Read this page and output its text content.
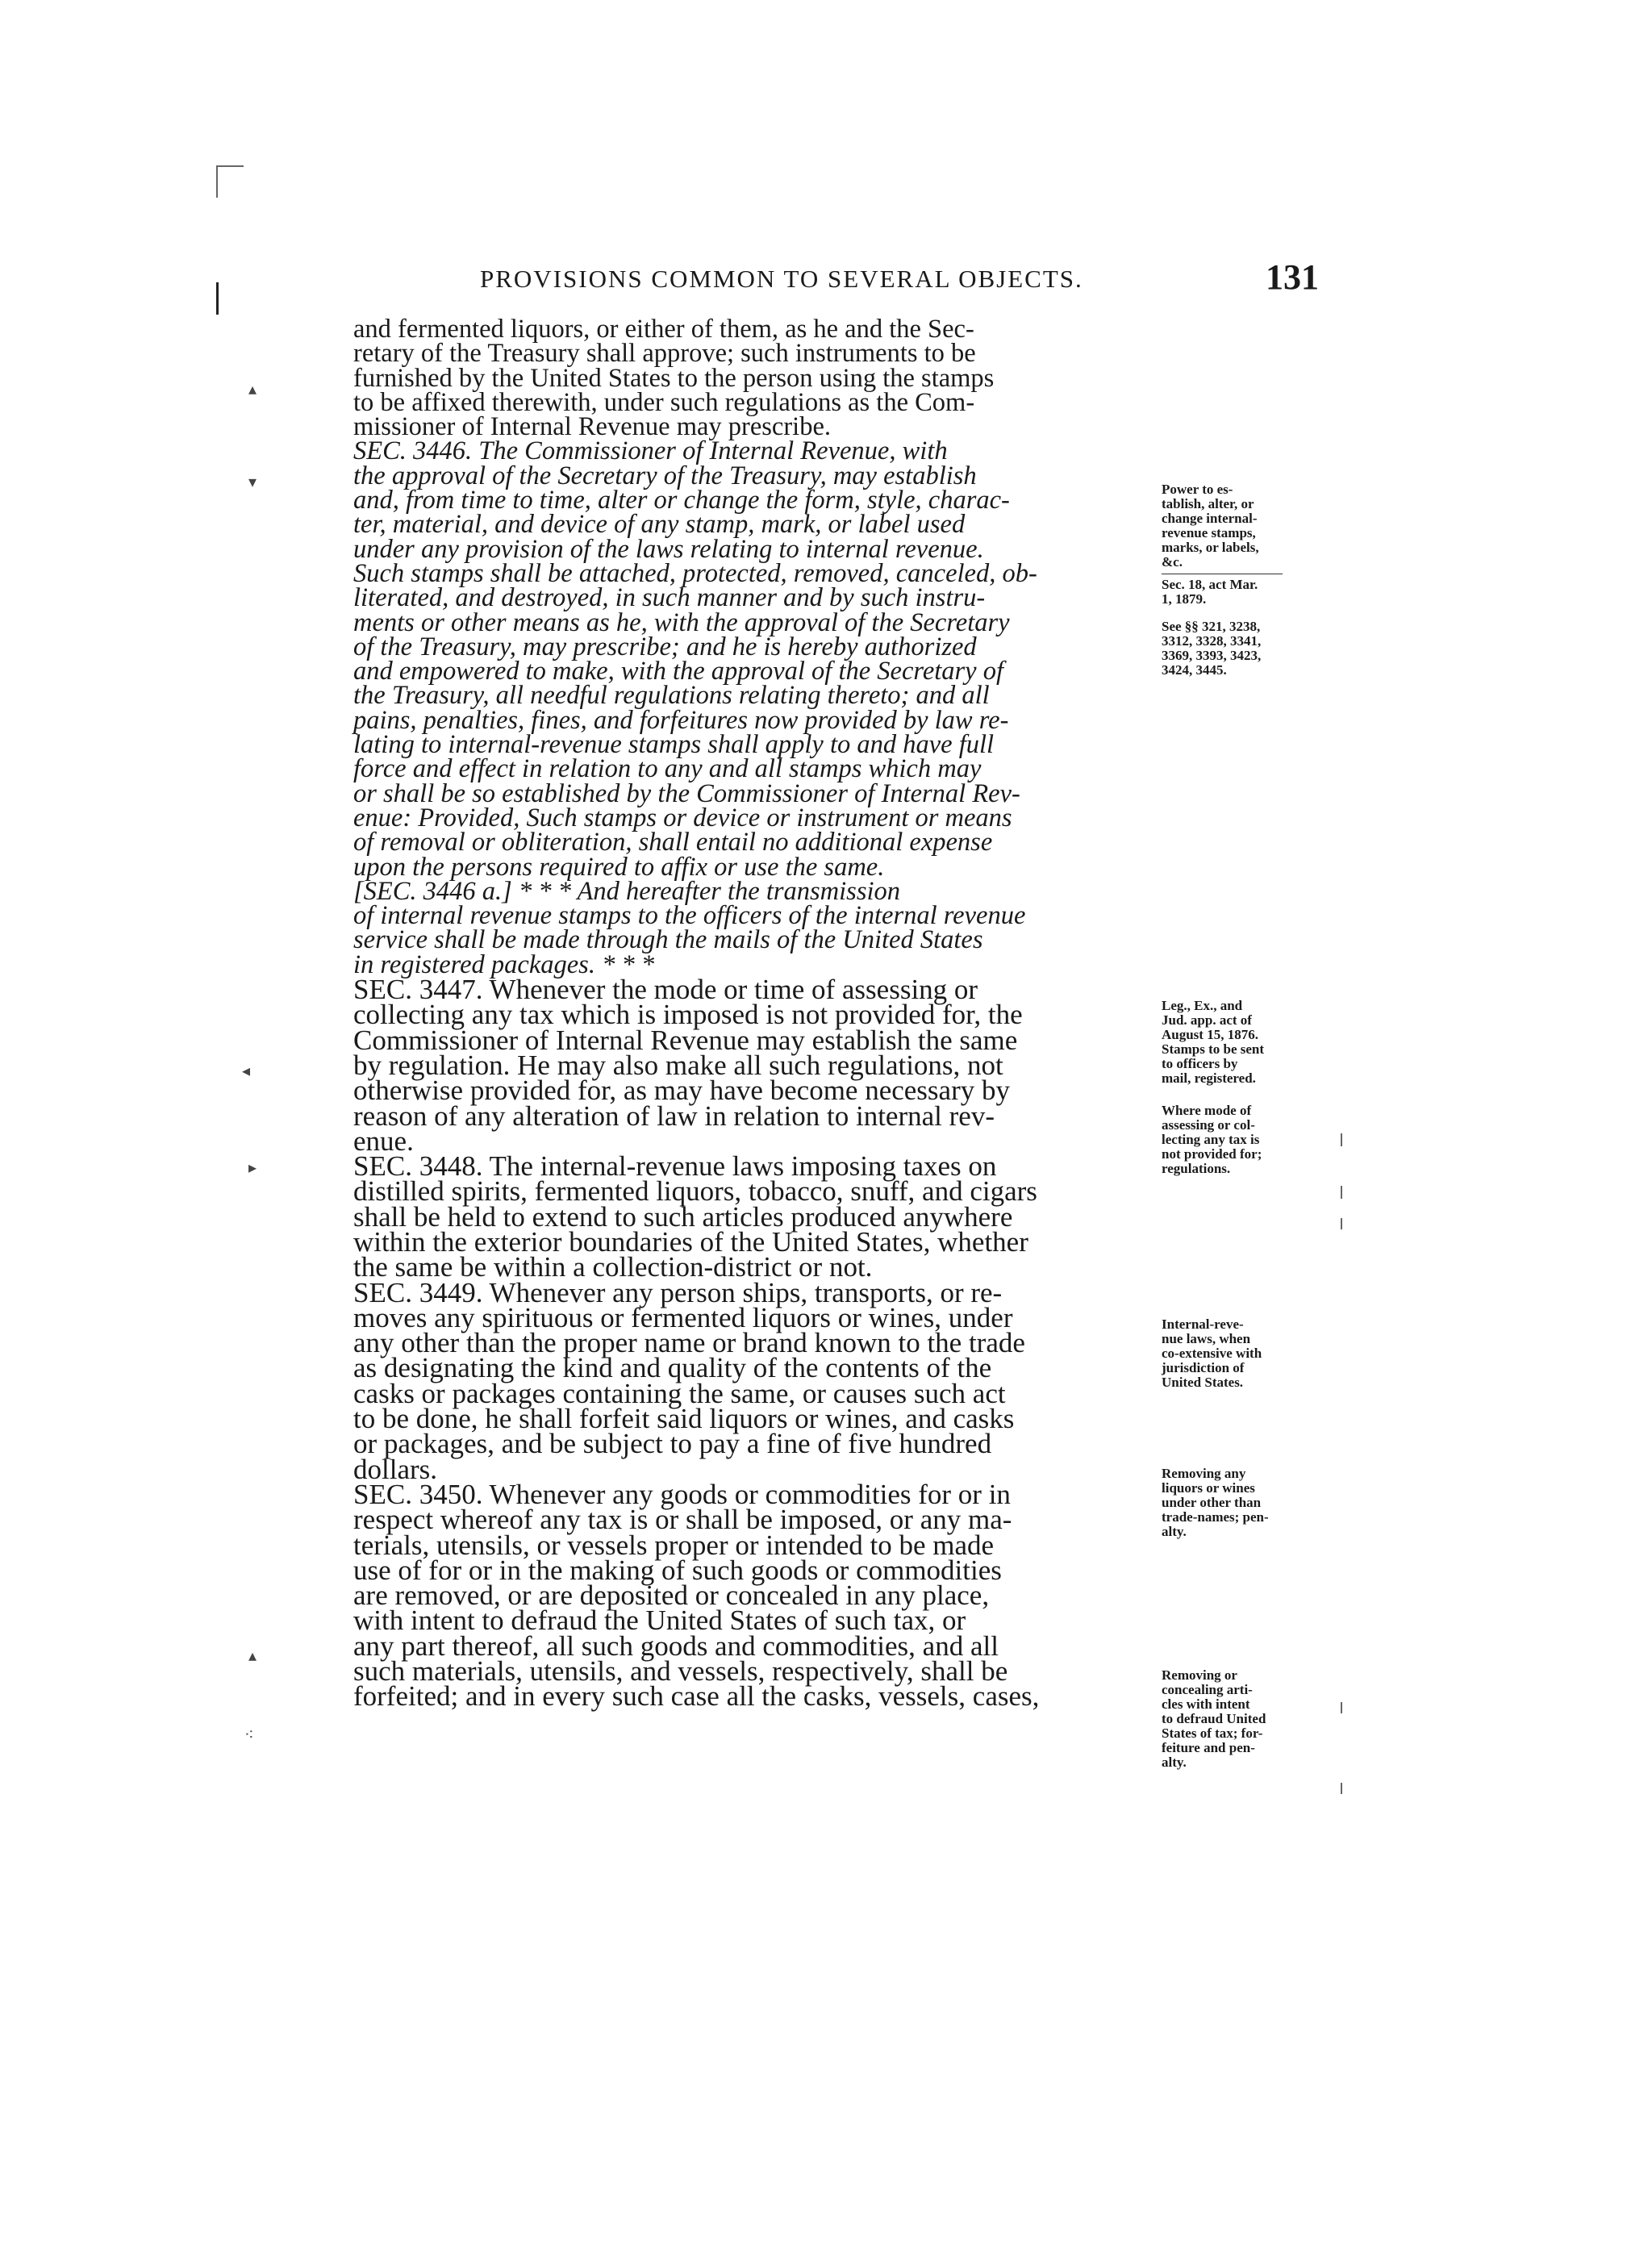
PROVISIONS COMMON TO SEVERAL OBJECTS.	131
and fermented liquors, or either of them, as he and the Sec-
retary of the Treasury shall approve; such instruments to be
furnished by the United States to the person using the stamps
to be affixed therewith, under such regulations as the Com-
missioner of Internal Revenue may prescribe.
SEC. 3446. The Commissioner of Internal Revenue, with
the approval of the Secretary of the Treasury, may establish
and, from time to time, alter or change the form, style, charac-
ter, material, and device of any stamp, mark, or label used
under any provision of the laws relating to internal revenue.
Such stamps shall be attached, protected, removed, canceled, ob-
literated, and destroyed, in such manner and by such instru-
ments or other means as he, with the approval of the Secretary
of the Treasury, may prescribe; and he is hereby authorized
and empowered to make, with the approval of the Secretary of
the Treasury, all needful regulations relating thereto; and all
pains, penalties, fines, and forfeitures now provided by law re-
lating to internal-revenue stamps shall apply to and have full
force and effect in relation to any and all stamps which may
or shall be so established by the Commissioner of Internal Rev-
enue: Provided, Such stamps or device or instrument or means
of removal or obliteration, shall entail no additional expense
upon the persons required to affix or use the same.
[SEC. 3446 a.] * * * And hereafter the transmission
of internal revenue stamps to the officers of the internal revenue
service shall be made through the mails of the United States
in registered packages. * * *
SEC. 3447. Whenever the mode or time of assessing or
collecting any tax which is imposed is not provided for, the
Commissioner of Internal Revenue may establish the same
by regulation. He may also make all such regulations, not
otherwise provided for, as may have become necessary by
reason of any alteration of law in relation to internal rev-
enue.
SEC. 3448. The internal-revenue laws imposing taxes on
distilled spirits, fermented liquors, tobacco, snuff, and cigars
shall be held to extend to such articles produced anywhere
within the exterior boundaries of the United States, whether
the same be within a collection-district or not.
SEC. 3449. Whenever any person ships, transports, or re-
moves any spirituous or fermented liquors or wines, under
any other than the proper name or brand known to the trade
as designating the kind and quality of the contents of the
casks or packages containing the same, or causes such act
to be done, he shall forfeit said liquors or wines, and casks
or packages, and be subject to pay a fine of five hundred
dollars.
SEC. 3450. Whenever any goods or commodities for or in
respect whereof any tax is or shall be imposed, or any ma-
terials, utensils, or vessels proper or intended to be made
use of for or in the making of such goods or commodities
are removed, or are deposited or concealed in any place,
with intent to defraud the United States of such tax, or
any part thereof, all such goods and commodities, and all
such materials, utensils, and vessels, respectively, shall be
forfeited; and in every such case all the casks, vessels, cases,
Power to es-
tablish, alter, or
change internal-
revenue stamps,
marks, or labels,
&c.
Sec. 18, act Mar.
1, 1879.
See §§ 321, 3238,
3312, 3328, 3341,
3369, 3393, 3423,
3424, 3445.
Leg., Ex., and
Jud. app. act of
August 15, 1876.
Stamps to be sent
to officers by
mail, registered.
Where mode of
assessing or col-
lecting any tax is
not provided for;
regulations.
Internal-reve-
nue laws, when
co-extensive with
jurisdiction of
United States.
Removing any
liquors or wines
under other than
trade-names; pen-
alty.
Removing or
concealing arti-
cles with intent
to defraud United
States of tax; for-
feiture and pen-
alty.
▴
▾
◂
▸
▴
⁖
